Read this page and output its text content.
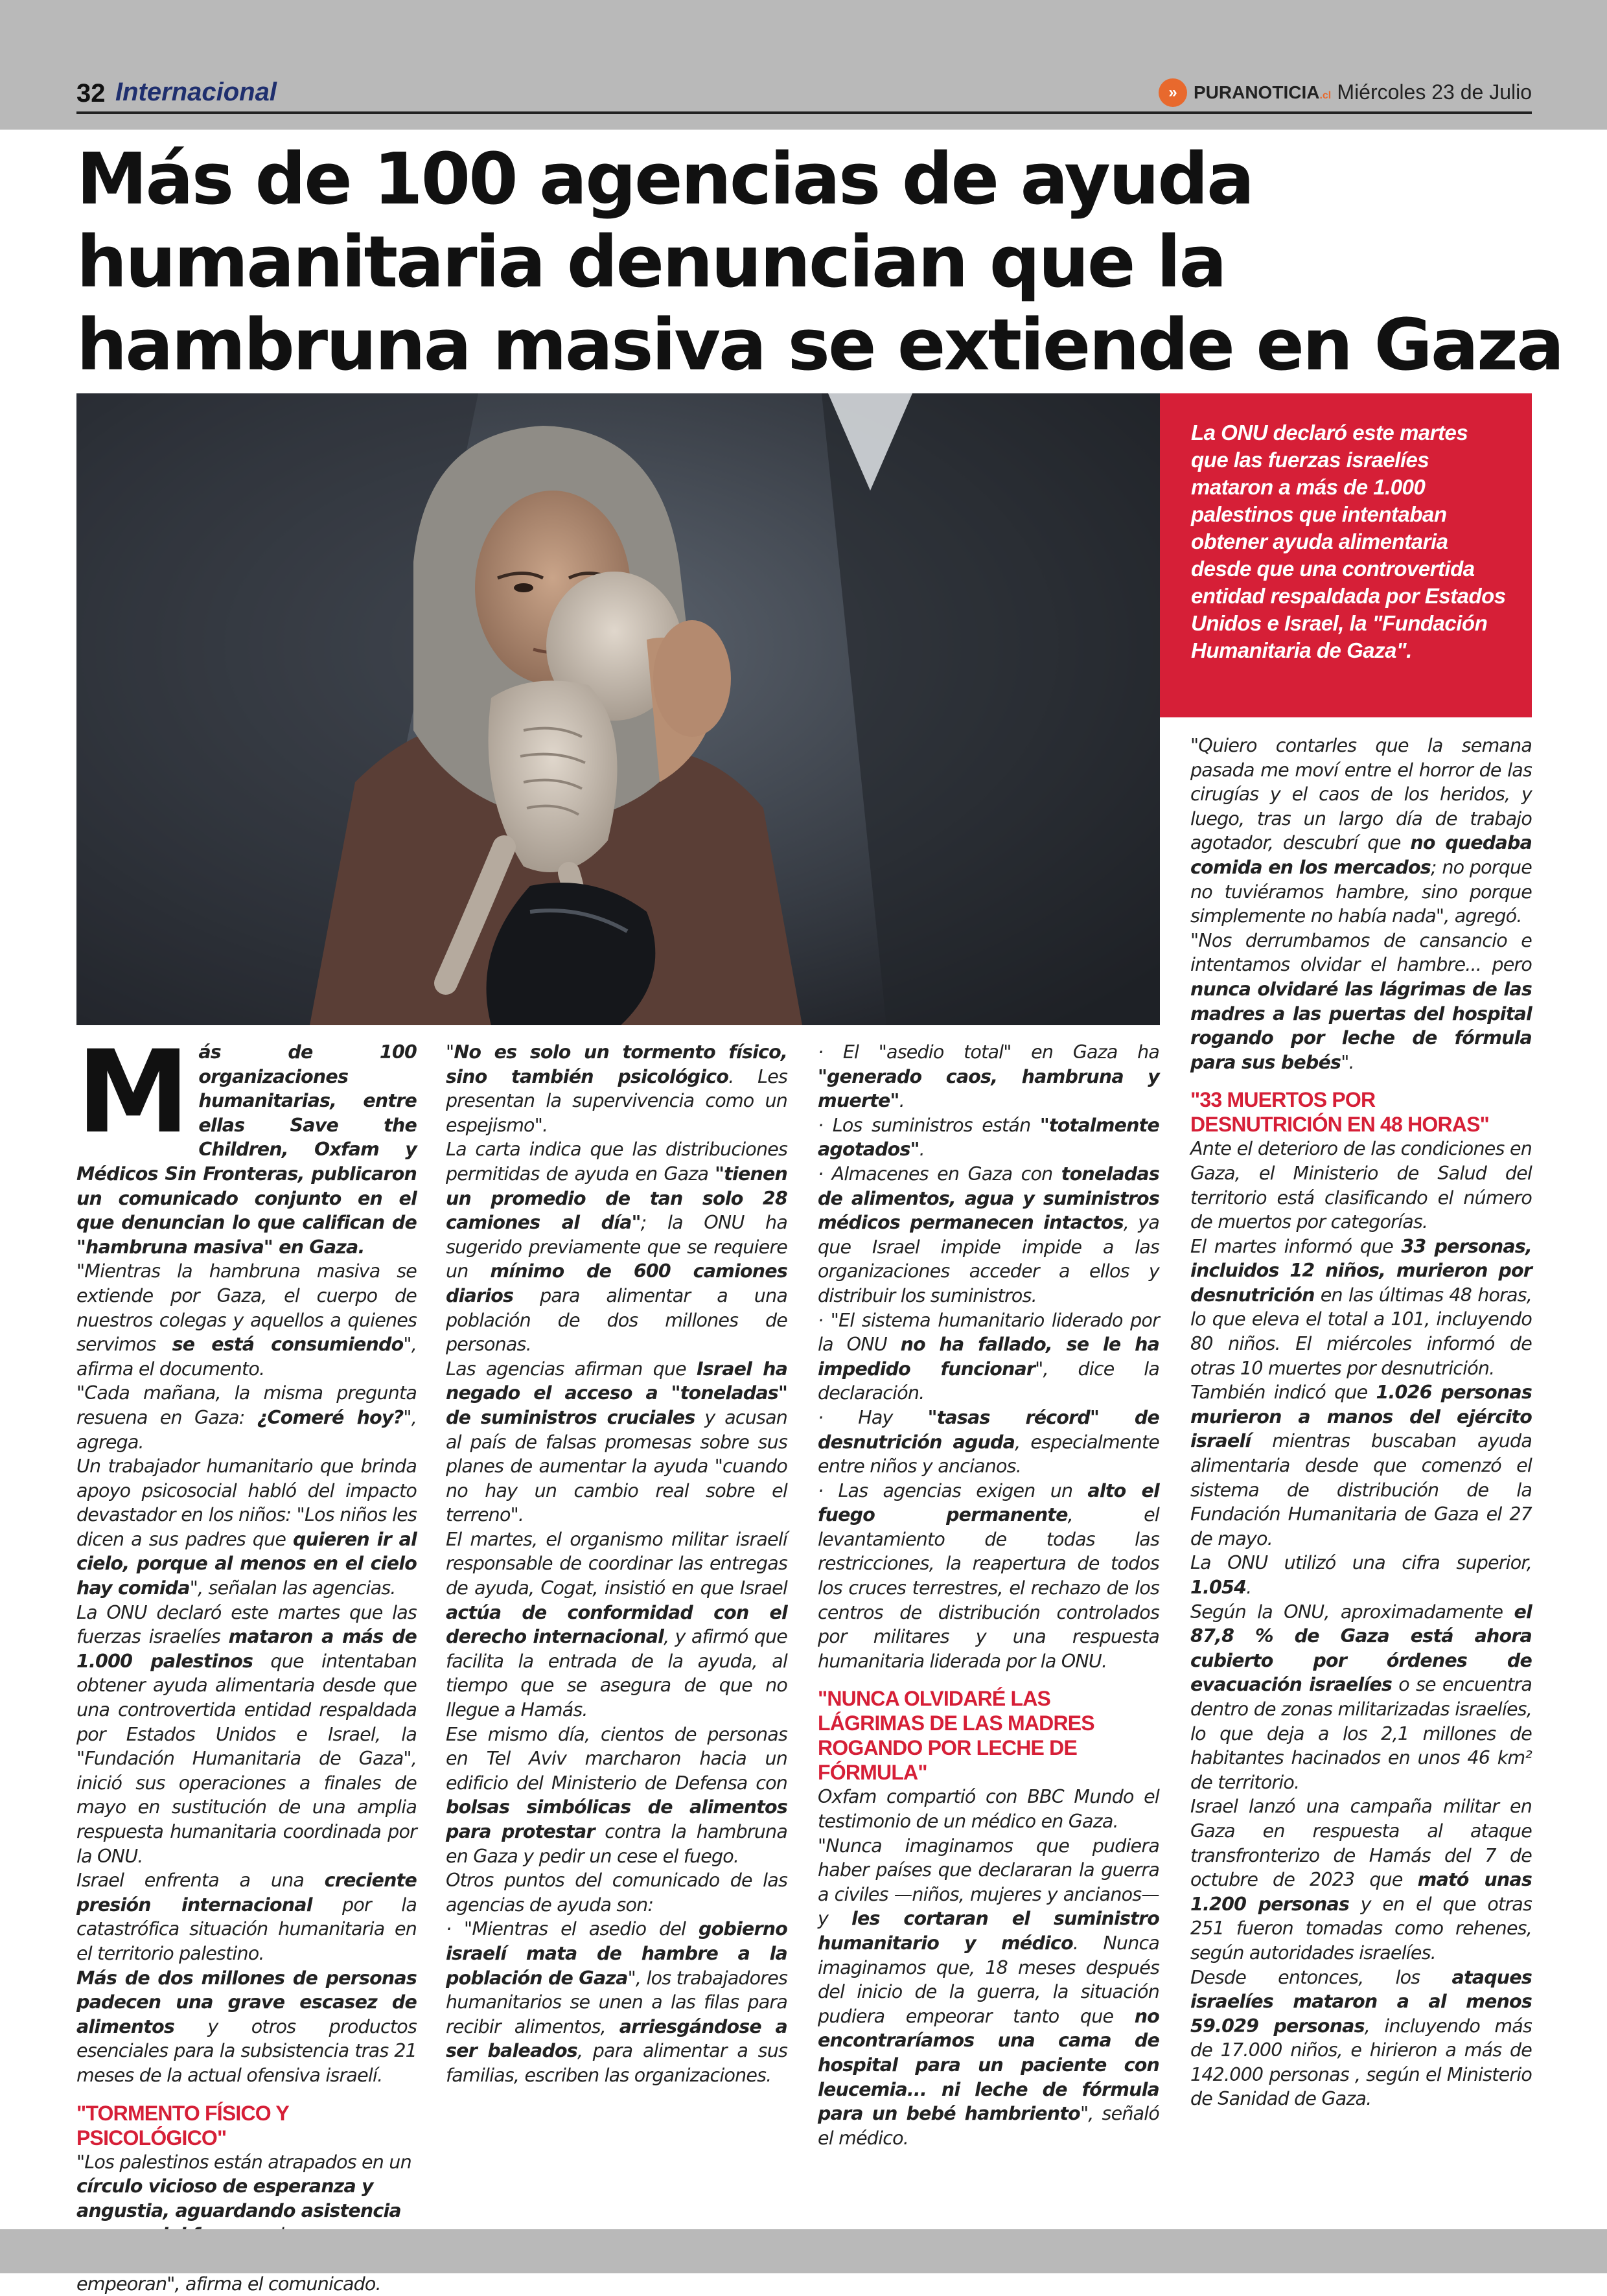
32 Internacional	» PURANOTICIA.cl Miércoles 23 de Julio
Más de 100 agencias de ayuda humanitaria denuncian que la hambruna masiva se extiende en Gaza

La ONU declaró este martes que las fuerzas israelíes mataron a más de 1.000 palestinos que intentaban obtener ayuda alimentaria desde que una controvertida entidad respaldada por Estados Unidos e Israel, la "Fundación Humanitaria de Gaza".

Más de 100 organizaciones humanitarias, entre ellas Save the Children, Oxfam y Médicos Sin Fronteras, publicaron un comunicado conjunto en el que denuncian lo que califican de "hambruna masiva" en Gaza.

"Mientras la hambruna masiva se extiende por Gaza, el cuerpo de nuestros colegas y aquellos a quienes servimos se está consumiendo", afirma el documento.

"Cada mañana, la misma pregunta resuena en Gaza: ¿Comeré hoy?", agrega.

Un trabajador humanitario que brinda apoyo psicosocial habló del impacto devastador en los niños: "Los niños les dicen a sus padres que quieren ir al cielo, porque al menos en el cielo hay comida", señalan las agencias.

La ONU declaró este martes que las fuerzas israelíes mataron a más de 1.000 palestinos que intentaban obtener ayuda alimentaria desde que una controvertida entidad respaldada por Estados Unidos e Israel, la "Fundación Humanitaria de Gaza", inició sus operaciones a finales de mayo en sustitución de una amplia respuesta humanitaria coordinada por la ONU.

Israel enfrenta a una creciente presión internacional por la catastrófica situación humanitaria en el territorio palestino.

Más de dos millones de personas padecen una grave escasez de alimentos y otros productos esenciales para la subsistencia tras 21 meses de la actual ofensiva israelí.

"TORMENTO FÍSICO Y PSICOLÓGICO"

"Los palestinos están atrapados en un círculo vicioso de esperanza y angustia, aguardando asistencia empeoran", afirma el comunicado.

"No es solo un tormento físico, sino también psicológico. Les presentan la supervivencia como un espejismo".

La carta indica que las distribuciones permitidas de ayuda en Gaza "tienen un promedio de tan solo 28 camiones al día"; la ONU ha sugerido previamente que se requiere un mínimo de 600 camiones diarios para alimentar a una población de dos millones de personas.

Las agencias afirman que Israel ha negado el acceso a "toneladas" de suministros cruciales y acusan al país de falsas promesas sobre sus planes de aumentar la ayuda "cuando no hay un cambio real sobre el terreno".

El martes, el organismo militar israelí responsable de coordinar las entregas de ayuda, Cogat, insistió en que Israel actúa de conformidad con el derecho internacional, y afirmó que facilita la entrada de la ayuda, al tiempo que se asegura de que no llegue a Hamás.

Ese mismo día, cientos de personas en Tel Aviv marcharon hacia un edificio del Ministerio de Defensa con bolsas simbólicas de alimentos para protestar contra la hambruna en Gaza y pedir un cese el fuego.

Otros puntos del comunicado de las agencias de ayuda son:

· "Mientras el asedio del gobierno israelí mata de hambre a la población de Gaza", los trabajadores humanitarios se unen a las filas para recibir alimentos, arriesgándose a ser baleados, para alimentar a sus familias, escriben las organizaciones.

· El "asedio total" en Gaza ha "generado caos, hambruna y muerte".

· Los suministros están "totalmente agotados".

· Almacenes en Gaza con toneladas de alimentos, agua y suministros médicos permanecen intactos, ya que Israel impide impide a las organizaciones acceder a ellos y distribuir los suministros.

· "El sistema humanitario liderado por la ONU no ha fallado, se le ha impedido funcionar", dice la declaración.

· Hay "tasas récord" de desnutrición aguda, especialmente entre niños y ancianos.

· Las agencias exigen un alto el fuego permanente, el levantamiento de todas las restricciones, la reapertura de todos los cruces terrestres, el rechazo de los centros de distribución controlados por militares y una respuesta humanitaria liderada por la ONU.

"NUNCA OLVIDARÉ LAS LÁGRIMAS DE LAS MADRES ROGANDO POR LECHE DE FÓRMULA"

Oxfam compartió con BBC Mundo el testimonio de un médico en Gaza.

"Nunca imaginamos que pudiera haber países que declararan la guerra a civiles —niños, mujeres y ancianos— y les cortaran el suministro humanitario y médico. Nunca imaginamos que, 18 meses después del inicio de la guerra, la situación pudiera empeorar tanto que no encontraríamos una cama de hospital para un paciente con leucemia... ni leche de fórmula para un bebé hambriento", señaló el médico.

"Quiero contarles que la semana pasada me moví entre el horror de las cirugías y el caos de los heridos, y luego, tras un largo día de trabajo agotador, descubrí que no quedaba comida en los mercados; no porque no tuviéramos hambre, sino porque simplemente no había nada", agregó.

"Nos derrumbamos de cansancio e intentamos olvidar el hambre... pero nunca olvidaré las lágrimas de las madres a las puertas del hospital rogando por leche de fórmula para sus bebés".

"33 MUERTOS POR DESNUTRICIÓN EN 48 HORAS"

Ante el deterioro de las condiciones en Gaza, el Ministerio de Salud del territorio está clasificando el número de muertos por categorías.

El martes informó que 33 personas, incluidos 12 niños, murieron por desnutrición en las últimas 48 horas, lo que eleva el total a 101, incluyendo 80 niños. El miércoles informó de otras 10 muertes por desnutrición.

También indicó que 1.026 personas murieron a manos del ejército israelí mientras buscaban ayuda alimentaria desde que comenzó el sistema de distribución de la Fundación Humanitaria de Gaza el 27 de mayo.

La ONU utilizó una cifra superior, 1.054.

Según la ONU, aproximadamente el 87,8 % de Gaza está ahora cubierto por órdenes de evacuación israelíes o se encuentra dentro de zonas militarizadas israelíes, lo que deja a los 2,1 millones de habitantes hacinados en unos 46 km² de territorio.

Israel lanzó una campaña militar en Gaza en respuesta al ataque transfronterizo de Hamás del 7 de octubre de 2023 que mató unas 1.200 personas y en el que otras 251 fueron tomadas como rehenes, según autoridades israelíes.

Desde entonces, los ataques israelíes mataron a al menos 59.029 personas, incluyendo más de 17.000 niños, e hirieron a más de 142.000 personas , según el Ministerio de Sanidad de Gaza.
